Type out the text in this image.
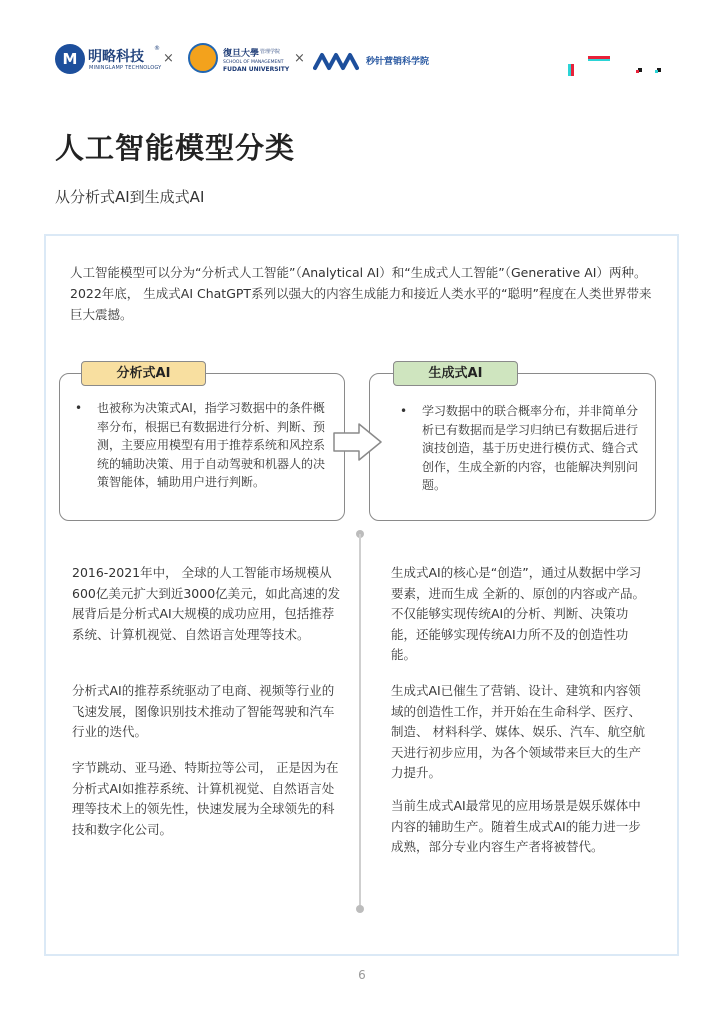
M 明略科技
®
MININGLAMP TECHNOLOGY
×	復旦大學 管理学院
SCHOOL OF MANAGEMENT
FUDAN UNIVERSITY
×	秒针营销科学院
人工智能模型分类
从分析式AI到生成式AI
人工智能模型可以分为“分析式人工智能”（Analytical AI）和“生成式人工智能”（Generative AI）两种。2022年底， 生成式AI ChatGPT系列以强大的内容生成能力和接近人类水平的“聪明”程度在人类世界带来巨大震撼。
分析式AI	生成式AI
• 也被称为决策式AI，指学习数据中的条件概率分布，根据已有数据进行分析、判断、预测，主要应用模型有用于推荐系统和风控系统的辅助决策、用于自动驾驶和机器人的决策智能体，辅助用户进行判断。
• 学习数据中的联合概率分布，并非简单分析已有数据而是学习归纳已有数据后进行演技创造，基于历史进行模仿式、缝合式创作，生成全新的内容，也能解决判别问题。
2016-2021年中， 全球的人工智能市场规模从600亿美元扩大到近3000亿美元，如此高速的发展背后是分析式AI大规模的成功应用，包括推荐系统、计算机视觉、自然语言处理等技术。
分析式AI的推荐系统驱动了电商、视频等行业的飞速发展，图像识别技术推动了智能驾驶和汽车行业的迭代。
字节跳动、亚马逊、特斯拉等公司， 正是因为在分析式AI如推荐系统、计算机视觉、自然语言处理等技术上的领先性，快速发展为全球领先的科技和数字化公司。
生成式AI的核心是“创造”，通过从数据中学习要素，进而生成 全新的、原创的内容或产品。不仅能够实现传统AI的分析、判断、决策功能，还能够实现传统AI力所不及的创造性功能。
生成式AI已催生了营销、设计、建筑和内容领域的创造性工作，并开始在生命科学、医疗、制造、 材料科学、媒体、娱乐、汽车、航空航天进行初步应用，为各个领域带来巨大的生产力提升。
当前生成式AI最常见的应用场景是娱乐媒体中内容的辅助生产。随着生成式AI的能力进一步成熟，部分专业内容生产者将被替代。
6
